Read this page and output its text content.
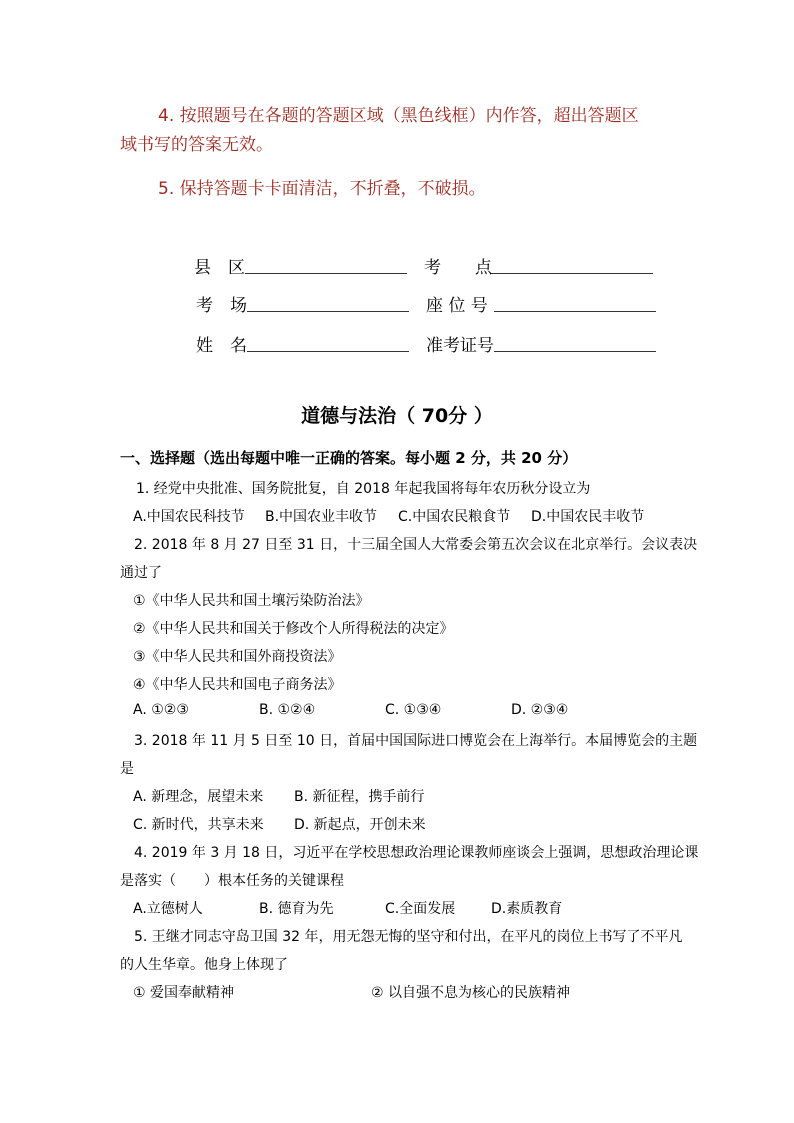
4. 按照题号在各题的答题区域（黑色线框）内作答，超出答题区
域书写的答案无效。
5. 保持答题卡卡面清洁，不折叠，不破损。
县　区	考　　点
考　场	座 位 号
姓　名	准考证号
道德与法治（ 70分 ）
一、选择题（选出每题中唯一正确的答案。每小题 2 分，共 20 分）
1. 经党中央批准、国务院批复，自 2018 年起我国将每年农历秋分设立为
A.中国农民科技节 B.中国农业丰收节 C.中国农民粮食节 D.中国农民丰收节
2. 2018 年 8 月 27 日至 31 日，十三届全国人大常委会第五次会议在北京举行。会议表决
通过了
①《中华人民共和国土壤污染防治法》
②《中华人民共和国关于修改个人所得税法的决定》
③《中华人民共和国外商投资法》
④《中华人民共和国电子商务法》
A. ①②③	B. ①②④	C. ①③④	D. ②③④
3. 2018 年 11 月 5 日至 10 日，首届中国国际进口博览会在上海举行。本届博览会的主题
是
A. 新理念，展望未来 B. 新征程，携手前行
C. 新时代，共享未来 D. 新起点，开创未来
4. 2019 年 3 月 18 日，习近平在学校思想政治理论课教师座谈会上强调，思想政治理论课
是落实（　　）根本任务的关键课程
A.立德树人	B. 德育为先	C.全面发展	D.素质教育
5. 王继才同志守岛卫国 32 年，用无怨无悔的坚守和付出，在平凡的岗位上书写了不平凡
的人生华章。他身上体现了
① 爱国奉献精神	② 以自强不息为核心的民族精神
